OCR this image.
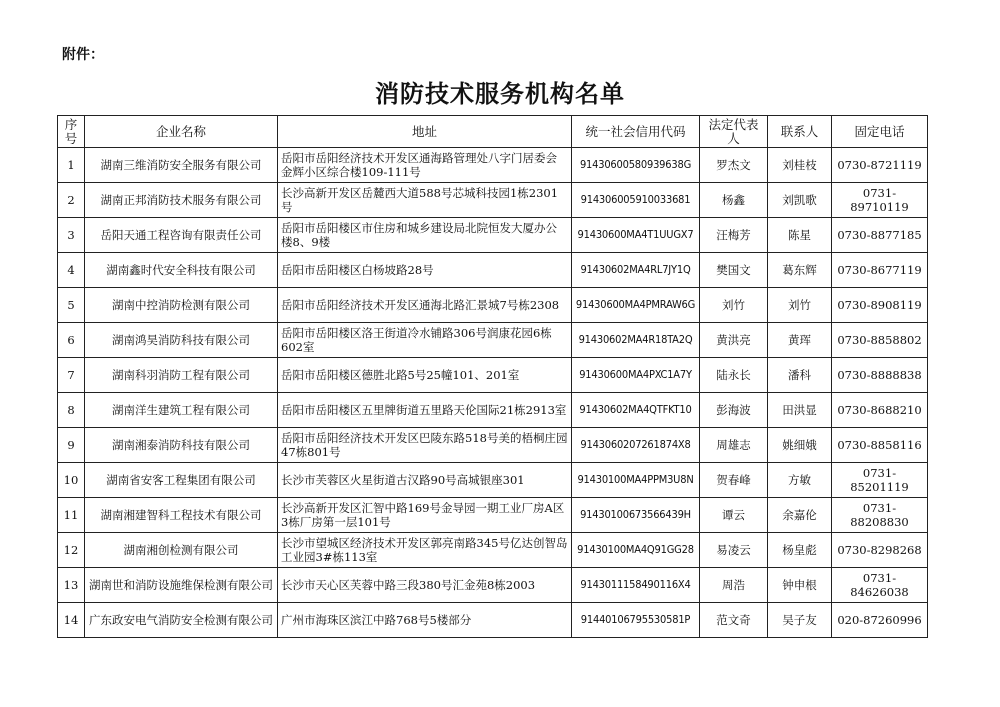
附件：
消防技术服务机构名单
序号	企业名称	地址	统一社会信用代码	法定代表人	联系人	固定电话
1	湖南三维消防安全服务有限公司	岳阳市岳阳经济技术开发区通海路管理处八字门居委会金辉小区综合楼109-111号	91430600580939638G	罗杰文	刘桂枝	0730-8721119
2	湖南正邦消防技术服务有限公司	长沙高新开发区岳麓西大道588号芯城科技园1栋2301号	914306005910033681	杨鑫	刘凯歌	0731-89710119
3	岳阳天通工程咨询有限责任公司	岳阳市岳阳楼区市住房和城乡建设局北院恒发大厦办公楼8、9楼	91430600MA4T1UUGX7	汪梅芳	陈星	0730-8877185
4	湖南鑫时代安全科技有限公司	岳阳市岳阳楼区白杨坡路28号	91430602MA4RL7JY1Q	樊国文	葛东辉	0730-8677119
5	湖南中控消防检测有限公司	岳阳市岳阳经济技术开发区通海北路汇景城7号栋2308	91430600MA4PMRAW6G	刘竹	刘竹	0730-8908119
6	湖南鸿昊消防科技有限公司	岳阳市岳阳楼区洛王街道冷水铺路306号润康花园6栋602室	91430602MA4R18TA2Q	黄洪亮	黄珲	0730-8858802
7	湖南科羽消防工程有限公司	岳阳市岳阳楼区德胜北路5号25幢101、201室	91430600MA4PXC1A7Y	陆永长	潘科	0730-8888838
8	湖南洋生建筑工程有限公司	岳阳市岳阳楼区五里牌街道五里路天伦国际21栋2913室	91430602MA4QTFKT10	彭海波	田洪显	0730-8688210
9	湖南湘泰消防科技有限公司	岳阳市岳阳经济技术开发区巴陵东路518号美的梧桐庄园47栋801号	9143060207261874X8	周雄志	姚细娥	0730-8858116
10	湖南省安客工程集团有限公司	长沙市芙蓉区火星街道古汉路90号高城银座301	91430100MA4PPM3U8N	贺春峰	方敏	0731-85201119
11	湖南湘建智科工程技术有限公司	长沙高新开发区汇智中路169号金导园一期工业厂房A区3栋厂房第一层101号	91430100673566439H	谭云	余嘉伦	0731-88208830
12	湖南湘创检测有限公司	长沙市望城区经济技术开发区郭亮南路345号亿达创智岛工业园3#栋113室	91430100MA4Q91GG28	易凌云	杨皇彪	0730-8298268
13	湖南世和消防设施维保检测有限公司	长沙市天心区芙蓉中路三段380号汇金苑8栋2003	9143011158490116X4	周浩	钟申根	0731-84626038
14	广东政安电气消防安全检测有限公司	广州市海珠区滨江中路768号5楼部分	91440106795530581P	范文奇	吴子友	020-87260996
